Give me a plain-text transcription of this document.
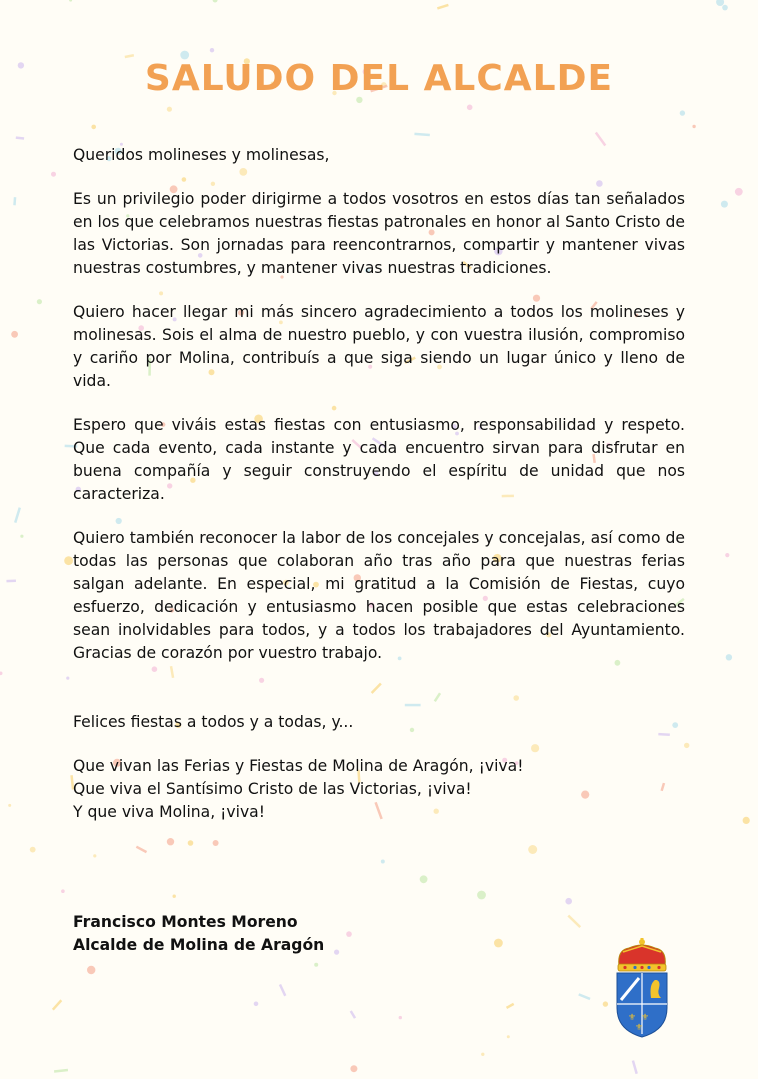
SALUDO DEL ALCALDE

Queridos molineses y molinesas,

Es un privilegio poder dirigirme a todos vosotros en estos días tan señalados en los que celebramos nuestras fiestas patronales en honor al Santo Cristo de las Victorias. Son jornadas para reencontrarnos, compartir y mantener vivas nuestras costumbres, y mantener vivas nuestras tradiciones.

Quiero hacer llegar mi más sincero agradecimiento a todos los molineses y molinesas. Sois el alma de nuestro pueblo, y con vuestra ilusión, compromiso y cariño por Molina, contribuís a que siga siendo un lugar único y lleno de vida.

Espero que viváis estas fiestas con entusiasmo, responsabilidad y respeto. Que cada evento, cada instante y cada encuentro sirvan para disfrutar en buena compañía y seguir construyendo el espíritu de unidad que nos caracteriza.

Quiero también reconocer la labor de los concejales y concejalas, así como de todas las personas que colaboran año tras año para que nuestras ferias salgan adelante. En especial, mi gratitud a la Comisión de Fiestas, cuyo esfuerzo, dedicación y entusiasmo hacen posible que estas celebraciones sean inolvidables para todos, y a todos los trabajadores del Ayuntamiento. Gracias de corazón por vuestro trabajo.

Felices fiestas a todos y a todas, y...

Que vivan las Ferias y Fiestas de Molina de Aragón, ¡viva!

Que viva el Santísimo Cristo de las Victorias, ¡viva!

Y que viva Molina, ¡viva!

Francisco Montes Moreno
Alcalde de Molina de Aragón
⚜ ⚜
⚜
